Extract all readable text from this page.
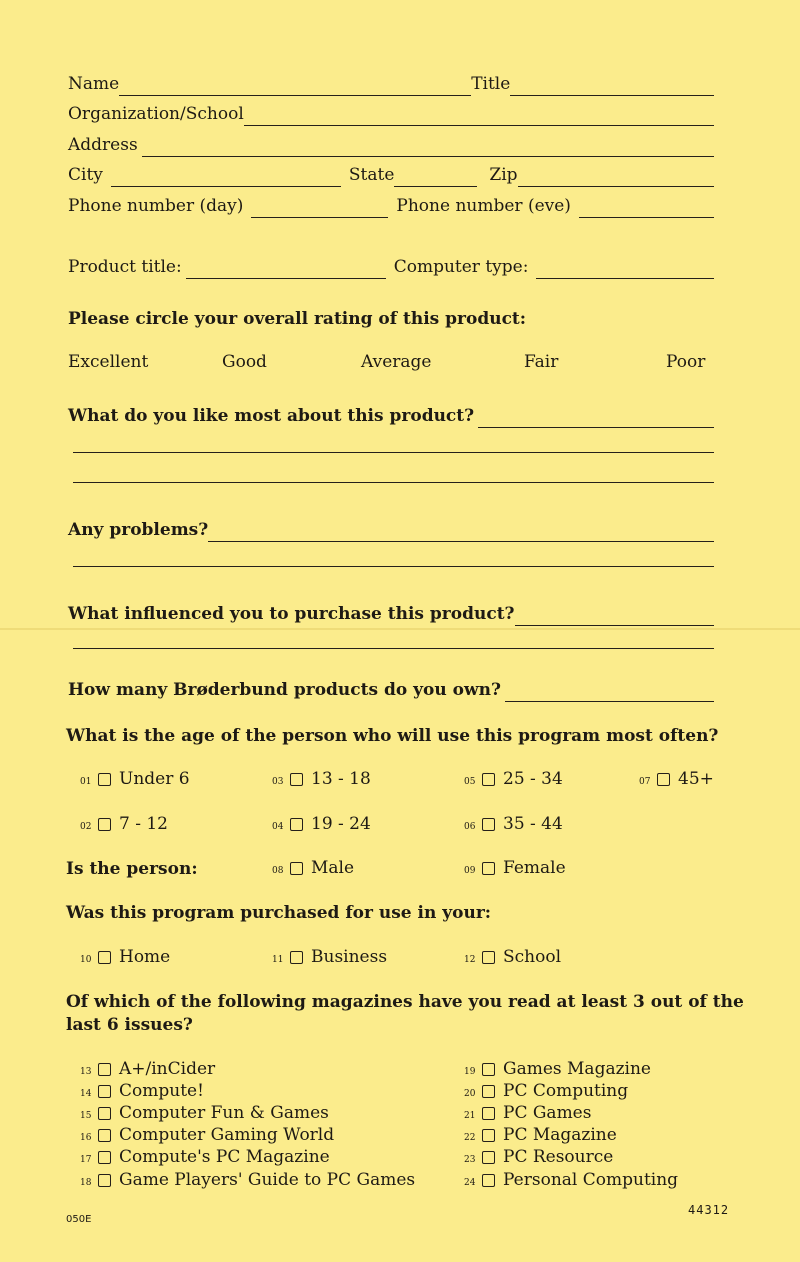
Name	Title
Organization/School
Address
City	State	Zip
Phone number (day)	Phone number (eve)
Product title:	Computer type:
Please circle your overall rating of this product:
Excellent	Good	Average	Fair	Poor
What do you like most about this product?
Any problems?
What influenced you to purchase this product?
How many Brøderbund products do you own?
What is the age of the person who will use this program most often?
01	Under 6
02	7 - 12
03	13 - 18
04	19 - 24
05	25 - 34
06	35 - 44
07	45+
Is the person:	08	Male	09	Female
Was this program purchased for use in your:
10	Home	11	Business	12	School
Of which of the following magazines have you read at least 3 out of the
last 6 issues?
13	A+/inCider
14	Compute!
15	Computer Fun & Games
16	Computer Gaming World
17	Compute's PC Magazine
18	Game Players' Guide to PC Games
19	Games Magazine
20	PC Computing
21	PC Games
22	PC Magazine
23	PC Resource
24	Personal Computing
050E
44312
